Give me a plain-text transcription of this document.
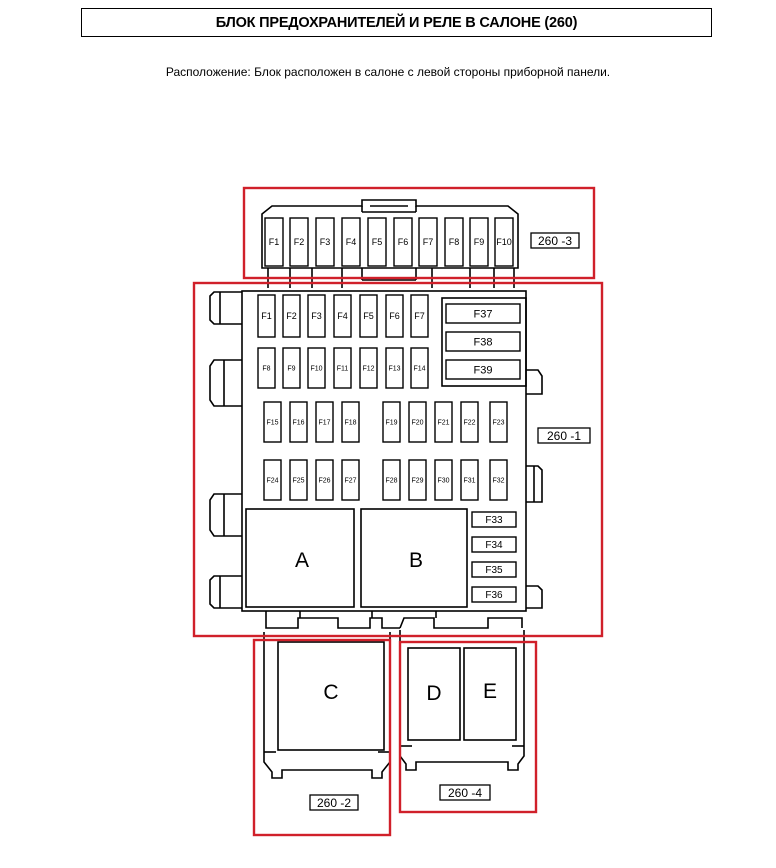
БЛОК ПРЕДОХРАНИТЕЛЕЙ И РЕЛЕ В САЛОНЕ (260)
Расположение: Блок расположен в салоне с левой стороны приборной панели.
F1 F2 F3 F4 F5 F6 F7 F8 F9 F10 260 -3
F37
F38
F39
F1 F2 F3 F4 F5 F6 F7
F8 F9 F10 F11 F12 F13 F14
F15 F16 F17 F18	F19 F20 F21 F22 F23
F24 F25 F26 F27	F28 F29 F30 F31 F32
F33
F34
F35
F36
A	B
260 -1
C
260 -2
D E
260 -4
